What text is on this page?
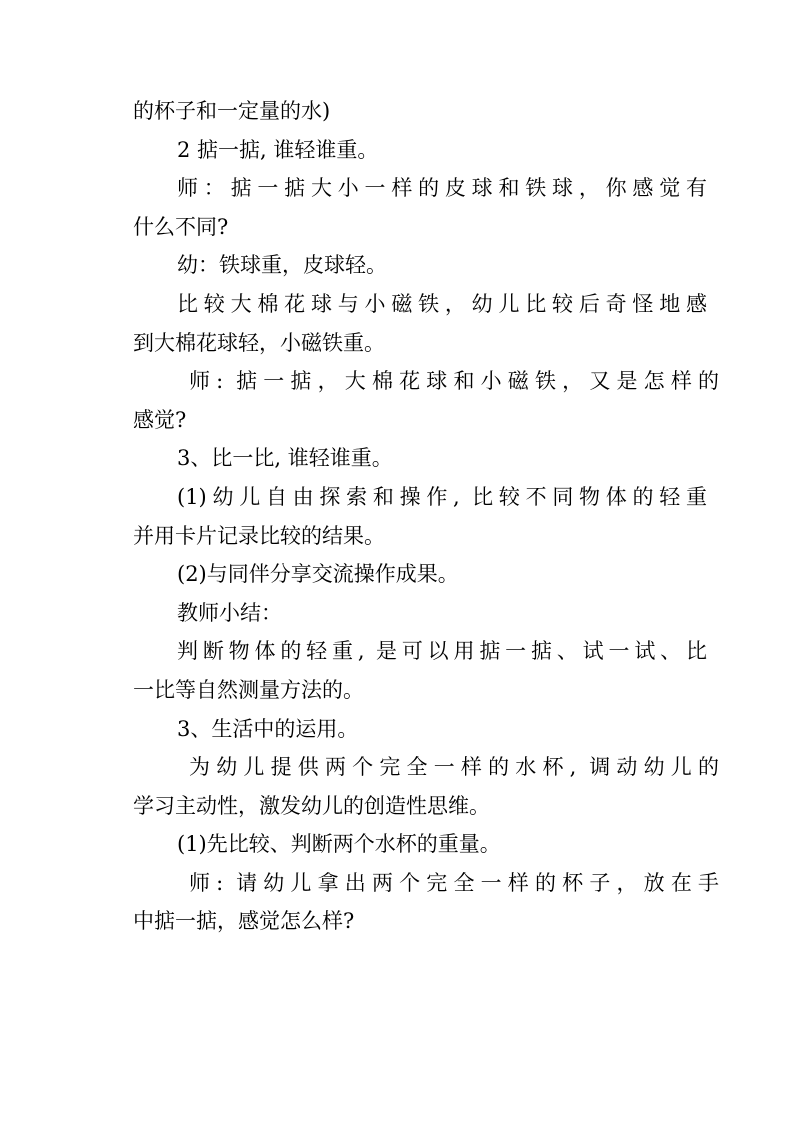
的杯子和一定量的水)
2 掂一掂, 谁轻谁重。
师：掂一掂大小一样的皮球和铁球，你感觉有
什么不同?
幼：铁球重，皮球轻。
比较大棉花球与小磁铁，幼儿比较后奇怪地感
到大棉花球轻，小磁铁重。
师: 掂一掂，大棉花球和小磁铁，又是怎样的
感觉?
3、比一比, 谁轻谁重。
(1)幼儿自由探索和操作, 比较不同物体的轻重
并用卡片记录比较的结果。
(2)与同伴分享交流操作成果。
教师小结：
判断物体的轻重, 是可以用掂一掂、试一试、比
一比等自然测量方法的。
3、生活中的运用。
为幼儿提供两个完全一样的水杯, 调动幼儿的
学习主动性，激发幼儿的创造性思维。
(1)先比较、判断两个水杯的重量。
师: 请幼儿拿出两个完全一样的杯子，放在手
中掂一掂，感觉怎么样?
